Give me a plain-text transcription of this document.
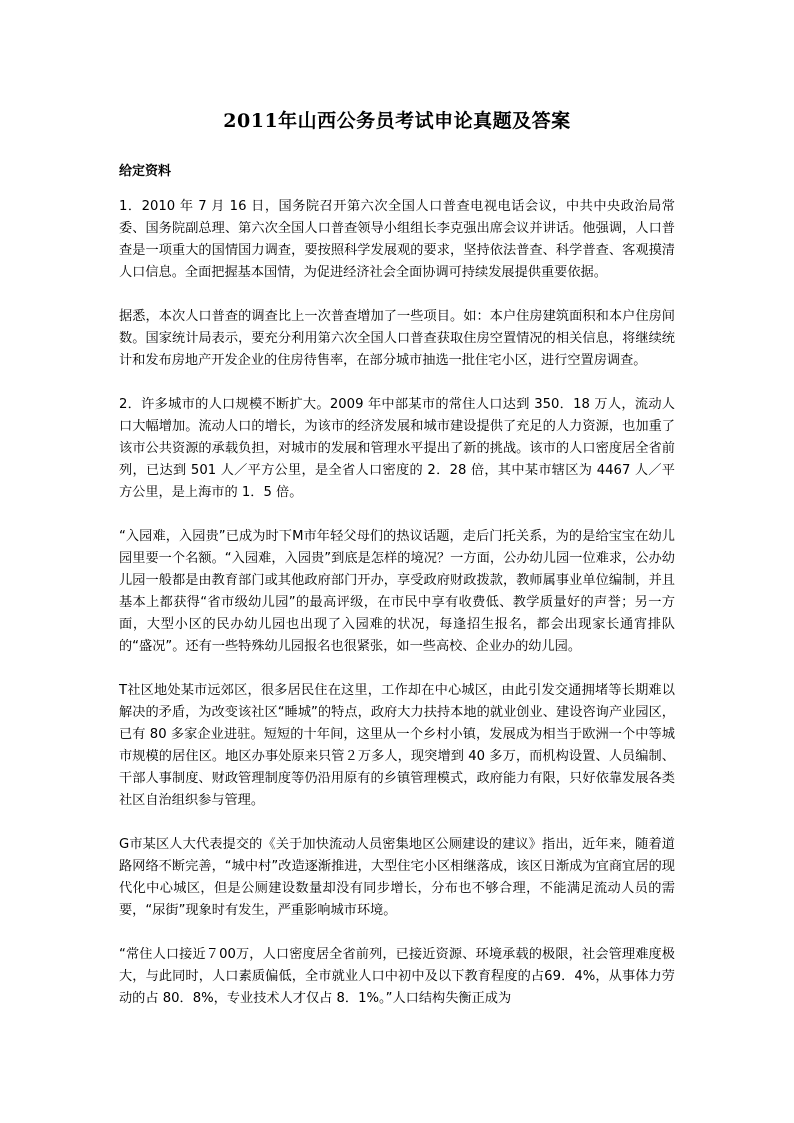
2011年山西公务员考试申论真题及答案
给定资料

1．2010 年 7 月 16 日，国务院召开第六次全国人口普查电视电话会议，中共中央政治局常委、国务院副总理、第六次全国人口普查领导小组组长李克强出席会议并讲话。他强调，人口普查是一项重大的国情国力调查，要按照科学发展观的要求，坚持依法普查、科学普查、客观摸清人口信息。全面把握基本国情，为促进经济社会全面协调可持续发展提供重要依据。

据悉，本次人口普查的调查比上一次普查增加了一些项目。如：本户住房建筑面积和本户住房间数。国家统计局表示，要充分利用第六次全国人口普查获取住房空置情况的相关信息，将继续统计和发布房地产开发企业的住房待售率，在部分城市抽选一批住宅小区，进行空置房调查。

2．许多城市的人口规模不断扩大。2009 年中部某市的常住人口达到 350．18 万人，流动人口大幅增加。流动人口的增长，为该市的经济发展和城市建设提供了充足的人力资源，也加重了该市公共资源的承载负担，对城市的发展和管理水平提出了新的挑战。该市的人口密度居全省前列，已达到 501 人／平方公里，是全省人口密度的 2．28 倍，其中某市辖区为 4467 人／平方公里，是上海市的 1．5 倍。

“入园难，入园贵”已成为时下M市年轻父母们的热议话题，走后门托关系，为的是给宝宝在幼儿园里要一个名额。“入园难，入园贵”到底是怎样的境况？一方面，公办幼儿园一位难求，公办幼儿园一般都是由教育部门或其他政府部门开办，享受政府财政拨款，教师属事业单位编制，并且基本上都获得“省市级幼儿园”的最高评级，在市民中享有收费低、教学质量好的声誉；另一方面，大型小区的民办幼儿园也出现了入园难的状况，每逢招生报名，都会出现家长通宵排队的“盛况”。还有一些特殊幼儿园报名也很紧张，如一些高校、企业办的幼儿园。

T社区地处某市远郊区，很多居民住在这里，工作却在中心城区，由此引发交通拥堵等长期难以解决的矛盾，为改变该社区“睡城”的特点，政府大力扶持本地的就业创业、建设咨询产业园区，已有 80 多家企业进驻。短短的十年间，这里从一个乡村小镇，发展成为相当于欧洲一个中等城市规模的居住区。地区办事处原来只管２万多人，现突增到 40 多万，而机构设置、人员编制、干部人事制度、财政管理制度等仍沿用原有的乡镇管理模式，政府能力有限，只好依靠发展各类社区自治组织参与管理。

G市某区人大代表提交的《关于加快流动人员密集地区公厕建设的建议》指出，近年来，随着道路网络不断完善，“城中村”改造逐渐推进，大型住宅小区相继落成，该区日渐成为宜商宜居的现代化中心城区，但是公厕建设数量却没有同步增长，分布也不够合理，不能满足流动人员的需要，“尿街”现象时有发生，严重影响城市环境。

“常住人口接近７00万，人口密度居全省前列，已接近资源、环境承载的极限，社会管理难度极大，与此同时，人口素质偏低，全市就业人口中初中及以下教育程度的占69．4%，从事体力劳动的占 80．8%，专业技术人才仅占 8．1%。”人口结构失衡正成为
